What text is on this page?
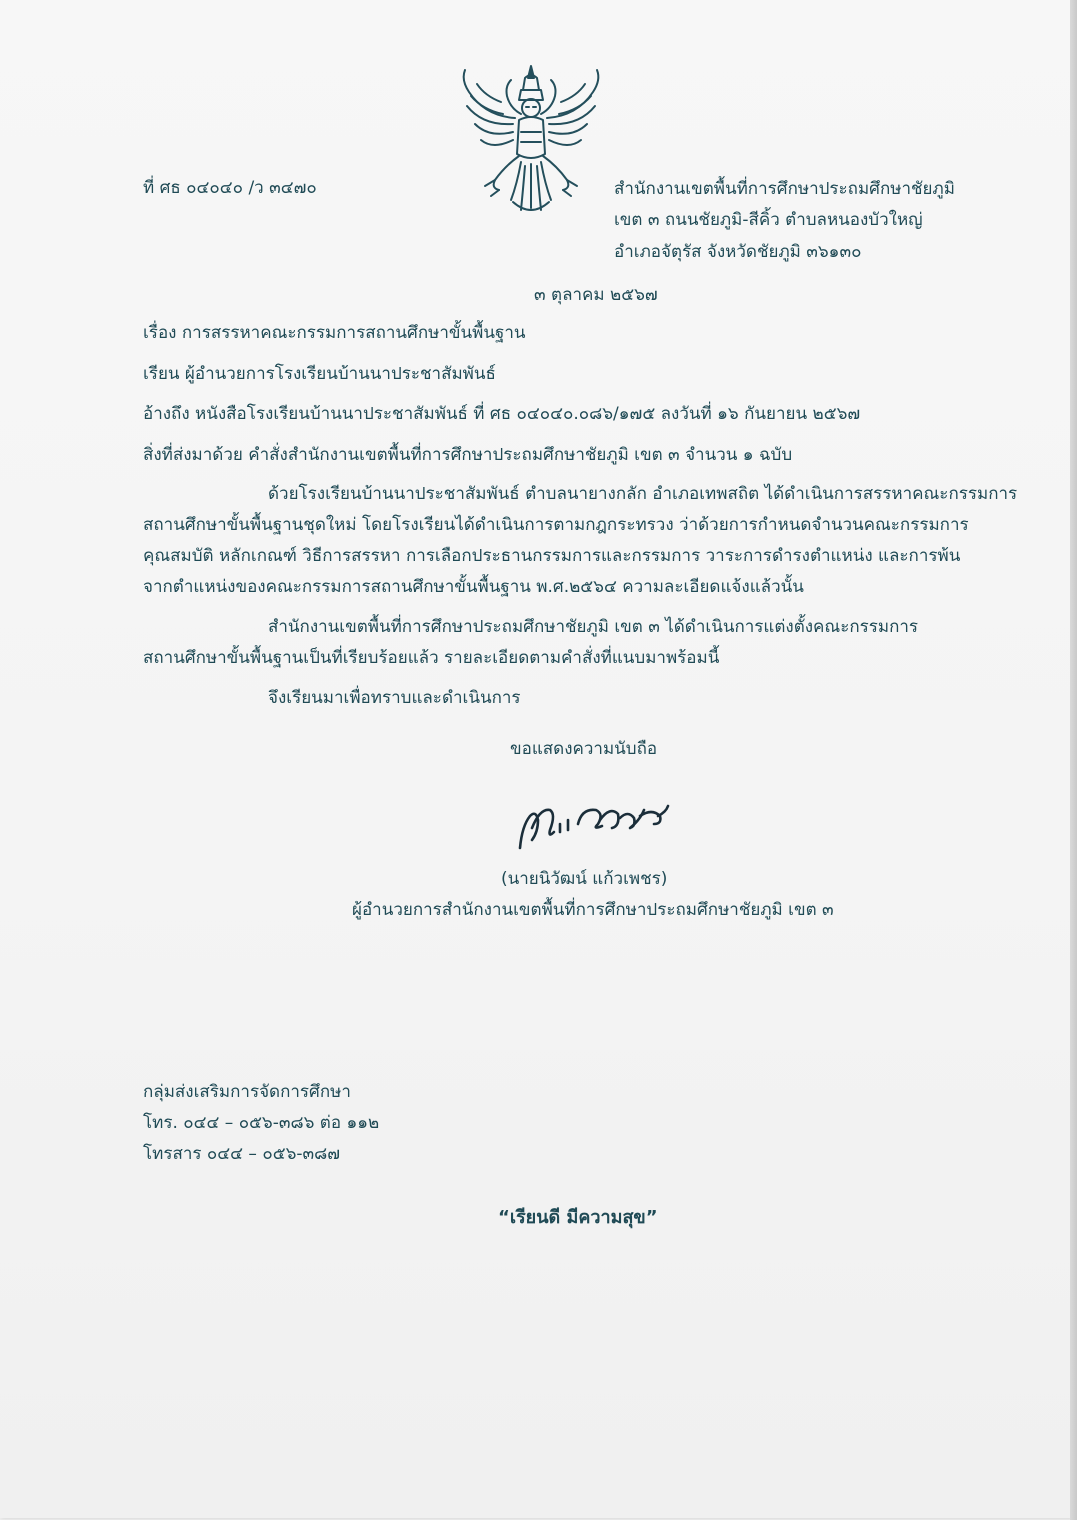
ที่ ศธ ๐๔๐๔๐ /ว ๓๔๗๐	สำนักงานเขตพื้นที่การศึกษาประถมศึกษาชัยภูมิ
เขต ๓ ถนนชัยภูมิ-สีคิ้ว ตำบลหนองบัวใหญ่
อำเภอจัตุรัส จังหวัดชัยภูมิ ๓๖๑๓๐
๓ ตุลาคม ๒๕๖๗
เรื่อง การสรรหาคณะกรรมการสถานศึกษาขั้นพื้นฐาน
เรียน ผู้อำนวยการโรงเรียนบ้านนาประชาสัมพันธ์
อ้างถึง หนังสือโรงเรียนบ้านนาประชาสัมพันธ์ ที่ ศธ ๐๔๐๔๐.๐๘๖/๑๗๕ ลงวันที่ ๑๖ กันยายน ๒๕๖๗
สิ่งที่ส่งมาด้วย คำสั่งสำนักงานเขตพื้นที่การศึกษาประถมศึกษาชัยภูมิ เขต ๓ จำนวน ๑ ฉบับ
ด้วยโรงเรียนบ้านนาประชาสัมพันธ์ ตำบลนายางกลัก อำเภอเทพสถิต ได้ดำเนินการสรรหาคณะกรรมการ
สถานศึกษาขั้นพื้นฐานชุดใหม่ โดยโรงเรียนได้ดำเนินการตามกฎกระทรวง ว่าด้วยการกำหนดจำนวนคณะกรรมการ
คุณสมบัติ หลักเกณฑ์ วิธีการสรรหา การเลือกประธานกรรมการและกรรมการ วาระการดำรงตำแหน่ง และการพ้น
จากตำแหน่งของคณะกรรมการสถานศึกษาขั้นพื้นฐาน พ.ศ.๒๕๖๔ ความละเอียดแจ้งแล้วนั้น
สำนักงานเขตพื้นที่การศึกษาประถมศึกษาชัยภูมิ เขต ๓ ได้ดำเนินการแต่งตั้งคณะกรรมการ
สถานศึกษาขั้นพื้นฐานเป็นที่เรียบร้อยแล้ว รายละเอียดตามคำสั่งที่แนบมาพร้อมนี้
จึงเรียนมาเพื่อทราบและดำเนินการ
ขอแสดงความนับถือ
(นายนิวัฒน์ แก้วเพชร)
ผู้อำนวยการสำนักงานเขตพื้นที่การศึกษาประถมศึกษาชัยภูมิ เขต ๓
กลุ่มส่งเสริมการจัดการศึกษา
โทร. ๐๔๔ – ๐๕๖-๓๘๖ ต่อ ๑๑๒
โทรสาร ๐๔๔ – ๐๕๖-๓๘๗
“เรียนดี มีความสุข”
